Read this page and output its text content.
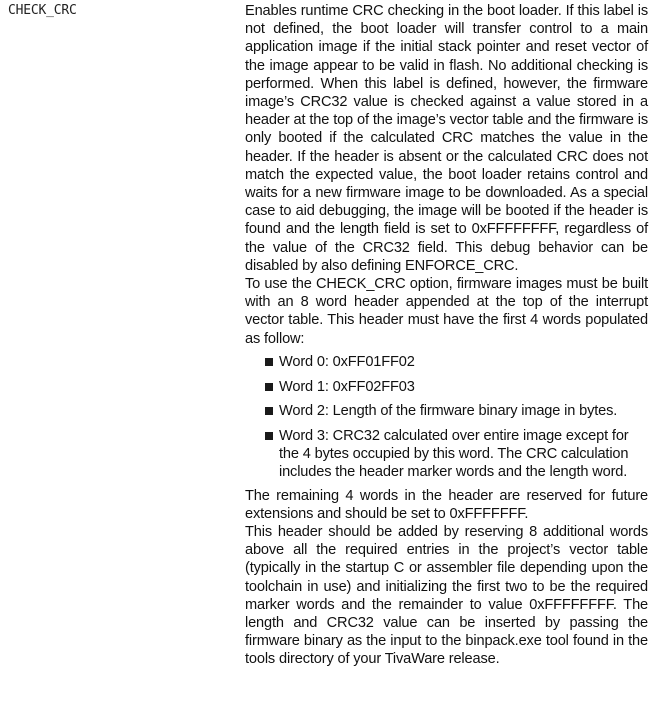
CHECK_CRC	Enables runtime CRC checking in the boot loader. If this label is not defined, the boot loader will transfer control to a main application image if the initial stack pointer and reset vector of the image appear to be valid in flash. No additional checking is performed. When this label is defined, however, the firmware image’s CRC32 value is checked against a value stored in a header at the top of the image’s vector table and the firmware is only booted if the calculated CRC matches the value in the header. If the header is absent or the calculated CRC does not match the expected value, the boot loader retains control and waits for a new firmware image to be downloaded. As a special case to aid debugging, the image will be booted if the header is found and the length field is set to 0xFFFFFFFF, regardless of the value of the CRC32 field. This debug behavior can be disabled by also defining ENFORCE_CRC.

To use the CHECK_CRC option, firmware images must be built with an 8 word header appended at the top of the interrupt vector table. This header must have the first 4 words populated as follow:

Word 0: 0xFF01FF02
Word 1: 0xFF02FF03
Word 2: Length of the firmware binary image in bytes.
Word 3: CRC32 calculated over entire image except for the 4 bytes occupied by this word. The CRC calculation includes the header marker words and the length word.

The remaining 4 words in the header are reserved for future extensions and should be set to 0xFFFFFFF.

This header should be added by reserving 8 additional words above all the required entries in the project’s vector table (typically in the startup C or assembler file depending upon the toolchain in use) and initializing the first two to be the required marker words and the remainder to value 0xFFFFFFFF. The length and CRC32 value can be inserted by passing the firmware binary as the input to the binpack.exe tool found in the tools directory of your TivaWare release.
